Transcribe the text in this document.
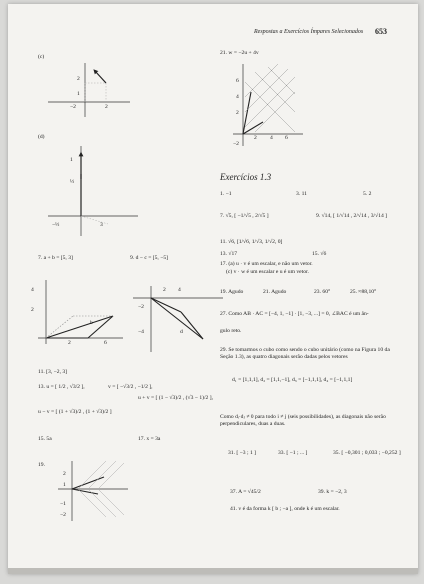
Respostas a Exercícios Ímpares Selecionados 653
(c)
2
1
−2	2
(d)
1
½
−½	3
7. a + b = [5, 3]	9. d − c = [5, −5]
4
2
b
6
2
2 4
−2
−4	d
11. [3, −2, 3]
13. u = [ 1/2 , √3/2 ],	v = [ −√3/2 , −1/2 ],
u + v = [ (1 − √3)/2 , (√3 − 1)/2 ],
u − v = [ (1 + √3)/2 , (1 + √3)/2 ]
15. 5a	17. x = 3a
19.
2
1
−1
−2
21. w = −2u + 4v
6
4
2
−2
2 4 6
Exercícios 1.3
1. −1	3. 11	5. 2
7. √5, [ −1/√5 , 2/√5 ]	9. √14, [ 1/√14 , 2/√14 , 3/√14 ]
11. √6, [1/√6, 1/√3, 1/√2, 0]
13. √17	15. √6
17. (a) u · v é um escalar, e não um vetor.
(c) v · w é um escalar e u é um vetor.
19. Agudo	21. Agudo	23. 60°	25. ≈88,10°
27. Como AB · AC = [−4, 1, −1] · [1, −3, ...] = 0, ∠BAC é um ân-
gulo reto.
29. Se tomarmos o cubo como sendo o cubo unitário (como na Figura 10 da Seção 1.3), as quatro diagonais serão dadas pelos vetores
d₁ = [1,1,1], d₂ = [1,1,−1], d₃ = [−1,1,1], d₄ = [−1,1,1]
Como dᵢ·dⱼ ≠ 0 para todo i ≠ j (seis possibilidades), as diagonais não serão perpendiculares, duas a duas.
31. [ −3 ; 1 ]	33. [ −1 ; ... ]	35. [ −0,301 ; 0,033 ; −0,252 ]
37. A = √45/2	39. k = −2, 3
41. v é da forma k [ b ; −a ], onde k é um escalar.
